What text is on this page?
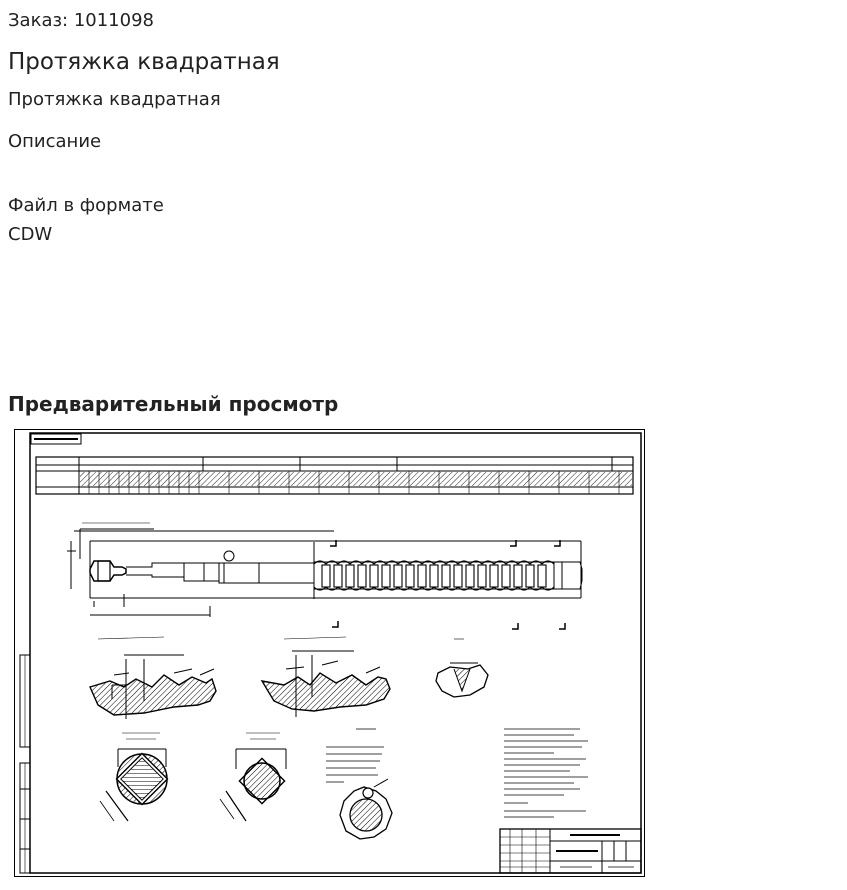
Заказ: 1011098
Протяжка квадратная
Протяжка квадратная
Описание
Файл в формате CDW
Предварительный просмотр
